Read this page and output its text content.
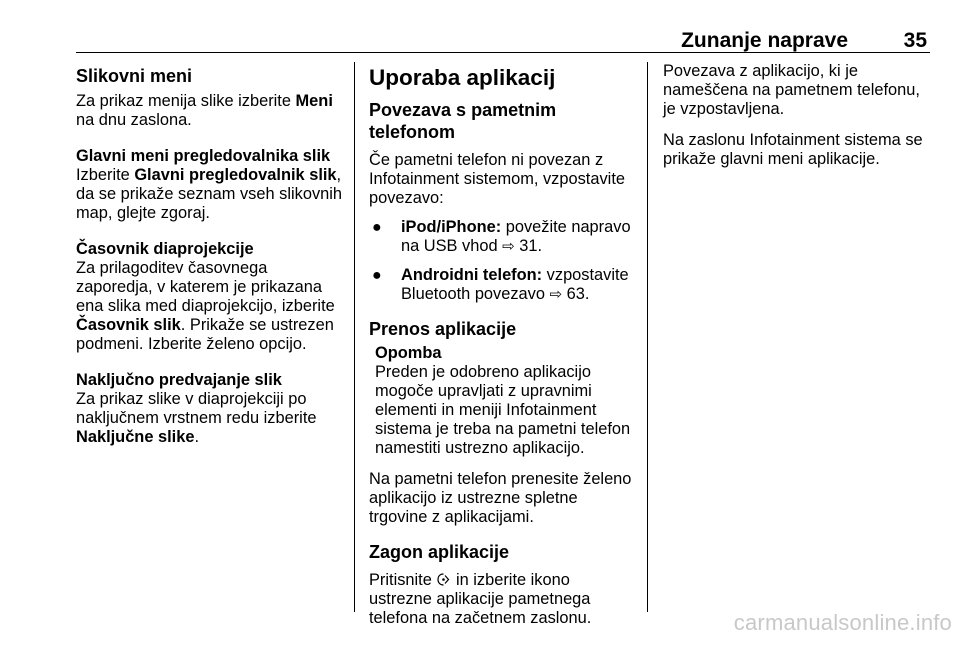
Zunanje naprave	35
Slikovni meni

Za prikaz menija slike izberite Meni na dnu zaslona.

Glavni meni pregledovalnika slik

Izberite Glavni pregledovalnik slik, da se prikaže seznam vseh slikovnih map, glejte zgoraj.

Časovnik diaprojekcije

Za prilagoditev časovnega zaporedja, v katerem je prikazana ena slika med diaprojekcijo, izberite Časovnik slik. Prikaže se ustrezen podmeni. Izberite želeno opcijo.

Naključno predvajanje slik

Za prikaz slike v diaprojekciji po naključnem vrstnem redu izberite Naključne slike.

Uporaba aplikacij
Povezava s pametnim telefonom

Če pametni telefon ni povezan z Infotainment sistemom, vzpostavite povezavo:

●	iPod/iPhone: povežite napravo na USB vhod ⇨ 31.
●	Androidni telefon: vzpostavite Bluetooth povezavo ⇨ 63.
Prenos aplikacije
Opomba
Preden je odobreno aplikacijo mogoče upravljati z upravnimi elementi in meniji Infotainment sistema je treba na pametni telefon namestiti ustrezno aplikacijo.

Na pametni telefon prenesite želeno aplikacijo iz ustrezne spletne trgovine z aplikacijami.

Zagon aplikacije

Pritisnite  in izberite ikono ustrezne aplikacije pametnega telefona na začetnem zaslonu.

Povezava z aplikacijo, ki je nameščena na pametnem telefonu, je vzpostavljena.

Na zaslonu Infotainment sistema se prikaže glavni meni aplikacije.

carmanualsonline.info
